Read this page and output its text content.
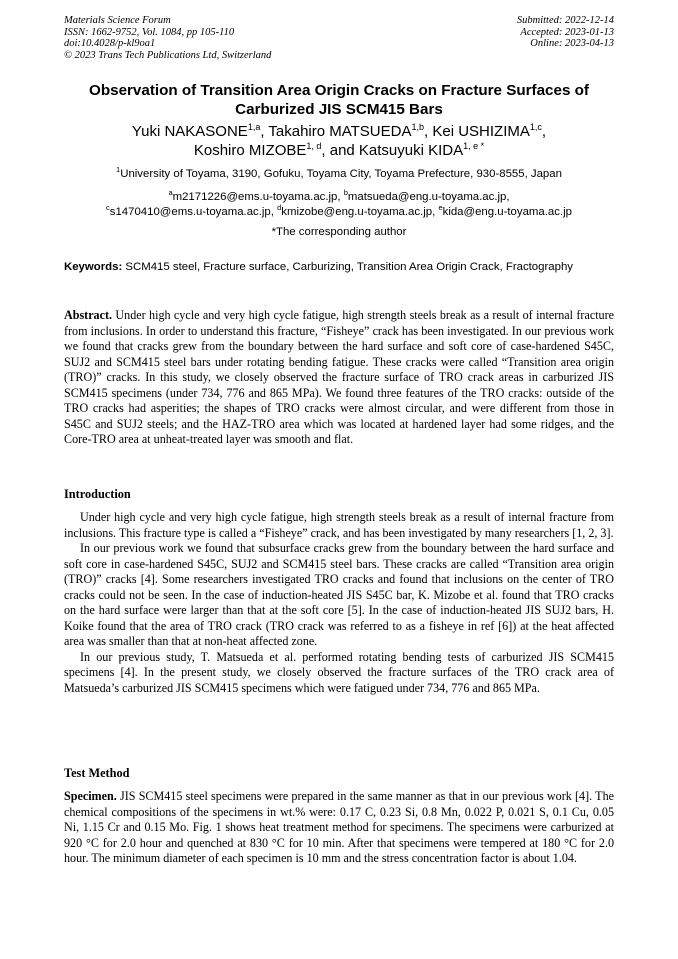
Materials Science Forum
ISSN: 1662-9752, Vol. 1084, pp 105-110
doi:10.4028/p-kl9oa1
© 2023 Trans Tech Publications Ltd, Switzerland
Submitted: 2022-12-14
Accepted: 2023-01-13
Online: 2023-04-13
Observation of Transition Area Origin Cracks on Fracture Surfaces of
Carburized JIS SCM415 Bars
Yuki NAKASONE$^{1,a}$, Takahiro MATSUEDA$^{1,b}$, Kei USHIZIMA$^{1,c}$,
Koshiro MIZOBE$^{1, d}$, and Katsuyuki $KIDA^{1, e *}$
$^1$University of Toyama, 3190, Gofuku, Toyama City, Toyama Prefecture, 930-8555, Japan
$^a$m2171226@ems.u-toyama.ac.jp, $^b$matsueda@eng.u-toyama.ac.jp,
$^c$s1470410@ems.u-toyama.ac.jp, $^d$kmizobe@eng.u-toyama.ac.jp, $^e$kida@eng.u-toyama.ac.jp
*The corresponding author
Keywords: SCM415 steel, Fracture surface, Carburizing, Transition Area Origin Crack, Fractography

Abstract. Under high cycle and very high cycle fatigue, high strength steels break as a result of internal fracture from inclusions. In order to understand this fracture, “Fisheye” crack has been investigated. In our previous work we found that cracks grew from the boundary between the hard surface and soft core of case-hardened S45C, SUJ2 and SCM415 steel bars under rotating bending fatigue. These cracks were called “Transition area origin (TRO)” cracks. In this study, we closely observed the fracture surface of TRO crack areas in carburized JIS SCM415 specimens (under 734, 776 and 865 MPa). We found three features of the TRO cracks: outside of the TRO cracks had asperities; the shapes of TRO cracks were almost circular, and were different from those in S45C and SUJ2 steels; and the HAZ-TRO area which was located at hardened layer had some ridges, and the Core-TRO area at unheat-treated layer was smooth and flat.

Introduction

Under high cycle and very high cycle fatigue, high strength steels break as a result of internal fracture from inclusions. This fracture type is called a “Fisheye” crack, and has been investigated by many researchers [1, 2, 3].

In our previous work we found that subsurface cracks grew from the boundary between the hard surface and soft core in case-hardened S45C, SUJ2 and SCM415 steel bars. These cracks are called “Transition area origin (TRO)” cracks [4]. Some researchers investigated TRO cracks and found that inclusions on the center of TRO cracks could not be seen. In the case of induction-heated JIS S45C bar, K. Mizobe et al. found that TRO cracks on the hard surface were larger than that at the soft core [5]. In the case of induction-heated JIS SUJ2 bars, H. Koike found that the area of TRO crack (TRO crack was referred to as a fisheye in ref [6]) at the heat affected area was smaller than that at non-heat affected zone.

In our previous study, T. Matsueda et al. performed rotating bending tests of carburized JIS SCM415 specimens [4]. In the present study, we closely observed the fracture surfaces of the TRO crack area of Matsueda’s carburized JIS SCM415 specimens which were fatigued under 734, 776 and 865 MPa.

Test Method

Specimen. JIS SCM415 steel specimens were prepared in the same manner as that in our previous work [4]. The chemical compositions of the specimens in wt.% were: 0.17 C, 0.23 Si, 0.8 Mn, 0.022 P, 0.021 S, 0.1 Cu, 0.05 Ni, 1.15 Cr and 0.15 Mo. Fig. 1 shows heat treatment method for specimens. The specimens were carburized at 920 °C for 2.0 hour and quenched at 830 °C for 10 min. After that specimens were tempered at 180 °C for 2.0 hour. The minimum diameter of each specimen is 10 mm and the stress concentration factor is about 1.04.
